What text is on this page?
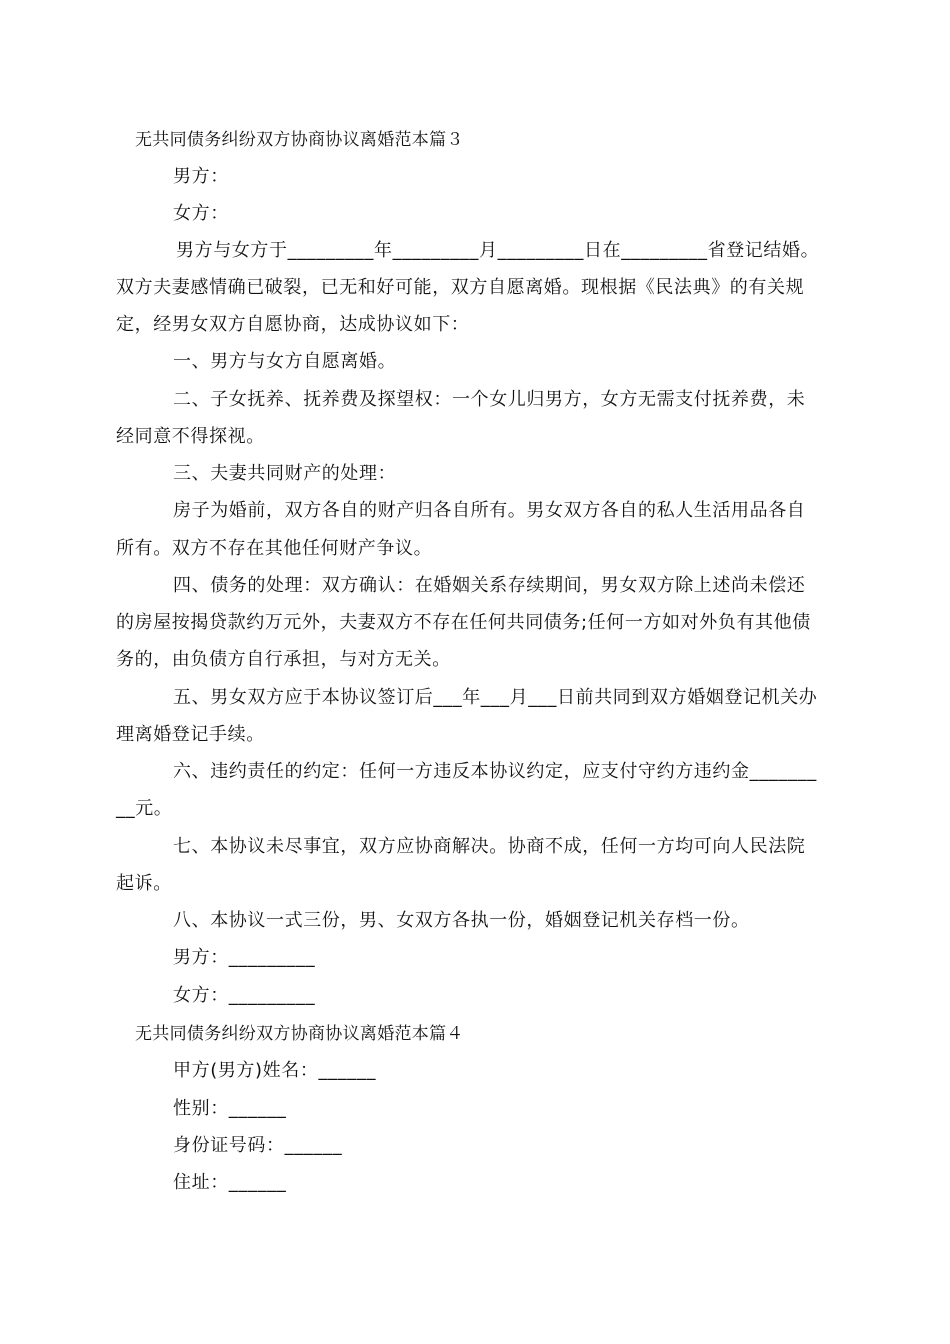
无共同债务纠纷双方协商协议离婚范本篇３
男方：
女方：
男方与女方于_________年_________月_________日在_________省登记结婚。
双方夫妻感情确已破裂，已无和好可能，双方自愿离婚。现根据《民法典》的有关规
定，经男女双方自愿协商，达成协议如下：
一、男方与女方自愿离婚。
二、子女抚养、抚养费及探望权：一个女儿归男方，女方无需支付抚养费，未
经同意不得探视。
三、夫妻共同财产的处理：
房子为婚前，双方各自的财产归各自所有。男女双方各自的私人生活用品各自
所有。双方不存在其他任何财产争议。
四、债务的处理：双方确认：在婚姻关系存续期间，男女双方除上述尚未偿还
的房屋按揭贷款约万元外，夫妻双方不存在任何共同债务;任何一方如对外负有其他债
务的，由负债方自行承担，与对方无关。
五、男女双方应于本协议签订后___年___月___日前共同到双方婚姻登记机关办
理离婚登记手续。
六、违约责任的约定：任何一方违反本协议约定，应支付守约方违约金_______
__元。
七、本协议未尽事宜，双方应协商解决。协商不成，任何一方均可向人民法院
起诉。
八、本协议一式三份，男、女双方各执一份，婚姻登记机关存档一份。
男方：_________
女方：_________
无共同债务纠纷双方协商协议离婚范本篇４
甲方(男方)姓名：______
性别：______
身份证号码：______
住址：______
